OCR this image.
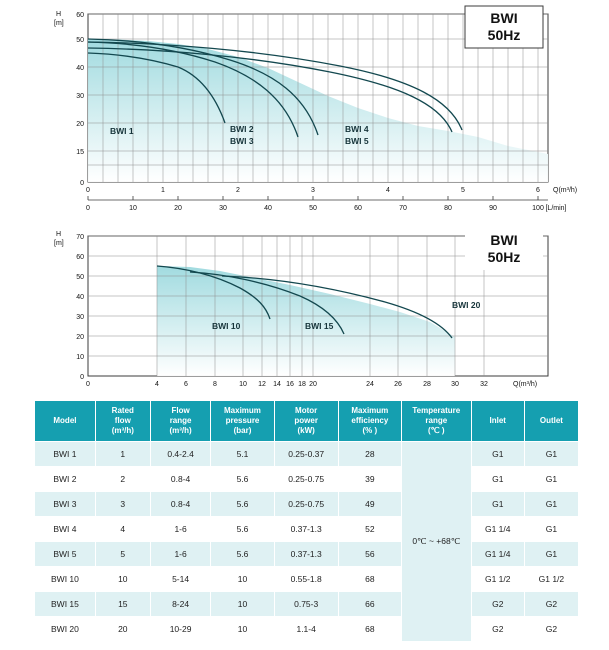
BWI 1	BWI 2
BWI 3
BWI 4
BWI 5
BWI
50Hz
H
[m]
60
50
40
30
20
15
0
0	1	2	3	4	5	6 Q(m³/h)
0	10	20	30	40	50	60	70	80	90	100 [L/min]
BWI 10	BWI 15
BWI 20
BWI
50Hz
H
[m]
70
60
50
40
30
20
10
0
0	4	6	8	10 12 14 16 18 20	24	26	28	30	32	Q(m³/h)
Model	Rated
flow
(m³/h)	Flow
range
(m³/h)	Maximum
pressure
(bar)	Motor
power
(kW)	Maximum
efficiency
(% )	Temperature
range
(℃ )	Inlet	Outlet
BWI 1	1	0.4-2.4	5.1	0.25-0.37	28	0℃ ~ +68℃	G1	G1
BWI 2	2	0.8-4	5.6	0.25-0.75	39		G1	G1
BWI 3	3	0.8-4	5.6	0.25-0.75	49		G1	G1
BWI 4	4	1-6	5.6	0.37-1.3	52		G1 1/4	G1
BWI 5	5	1-6	5.6	0.37-1.3	56		G1 1/4	G1
BWI 10	10	5-14	10	0.55-1.8	68		G1 1/2	G1 1/2
BWI 15	15	8-24	10	0.75-3	66		G2	G2
BWI 20	20	10-29	10	1.1-4	68		G2	G2
